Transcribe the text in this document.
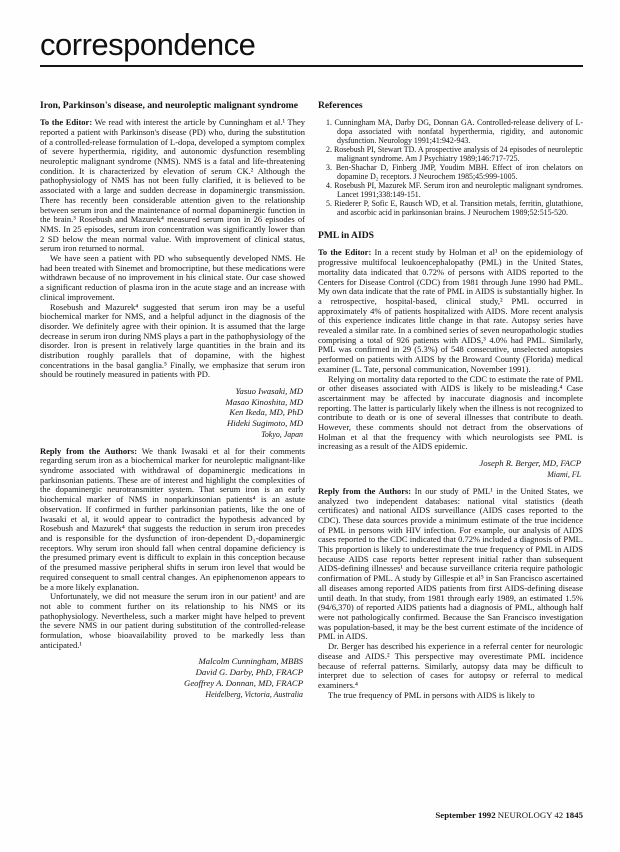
correspondence
Iron, Parkinson's disease, and neuroleptic malignant syndrome

To the Editor: We read with interest the article by Cunningham et al.¹ They reported a patient with Parkinson's disease (PD) who, during the substitution of a controlled-release formulation of L-dopa, developed a symptom complex of severe hyperthermia, rigidity, and autonomic dysfunction resembling neuroleptic malignant syndrome (NMS). NMS is a fatal and life-threatening condition. It is characterized by elevation of serum CK.² Although the pathophysiology of NMS has not been fully clarified, it is believed to be associated with a large and sudden decrease in dopaminergic transmission. There has recently been considerable attention given to the relationship between serum iron and the maintenance of normal dopaminergic function in the brain.³ Rosebush and Mazurek⁴ measured serum iron in 26 episodes of NMS. In 25 episodes, serum iron concentration was significantly lower than 2 SD below the mean normal value. With improvement of clinical status, serum iron returned to normal.

We have seen a patient with PD who subsequently developed NMS. He had been treated with Sinemet and bromocriptine, but these medications were withdrawn because of no improvement in his clinical state. Our case showed a significant reduction of plasma iron in the acute stage and an increase with clinical improvement.

Rosebush and Mazurek⁴ suggested that serum iron may be a useful biochemical marker for NMS, and a helpful adjunct in the diagnosis of the disorder. We definitely agree with their opinion. It is assumed that the large decrease in serum iron during NMS plays a part in the pathophysiology of the disorder. Iron is present in relatively large quantities in the brain and its distribution roughly parallels that of dopamine, with the highest concentrations in the basal ganglia.⁵ Finally, we emphasize that serum iron should be routinely measured in patients with PD.

Yasuo Iwasaki, MD
Masao Kinoshita, MD
Ken Ikeda, MD, PhD
Hideki Sugimoto, MD
Tokyo, Japan

Reply from the Authors: We thank Iwasaki et al for their comments regarding serum iron as a biochemical marker for neuroleptic malignant-like syndrome associated with withdrawal of dopaminergic medications in parkinsonian patients. These are of interest and highlight the complexities of the dopaminergic neurotransmitter system. That serum iron is an early biochemical marker of NMS in nonparkinsonian patients⁴ is an astute observation. If confirmed in further parkinsonian patients, like the one of Iwasaki et al, it would appear to contradict the hypothesis advanced by Rosebush and Mazurek⁴ that suggests the reduction in serum iron precedes and is responsible for the dysfunction of iron-dependent D₂-dopaminergic receptors. Why serum iron should fall when central dopamine deficiency is the presumed primary event is difficult to explain in this conception because of the presumed massive peripheral shifts in serum iron level that would be required consequent to small central changes. An epiphenomenon appears to be a more likely explanation.

Unfortunately, we did not measure the serum iron in our patient¹ and are not able to comment further on its relationship to his NMS or its pathophysiology. Nevertheless, such a marker might have helped to prevent the severe NMS in our patient during substitution of the controlled-release formulation, whose bioavailability proved to be markedly less than anticipated.¹

Malcolm Cunningham, MBBS
David G. Darby, PhD, FRACP
Geoffrey A. Donnan, MD, FRACP
Heidelberg, Victoria, Australia
References
1. Cunningham MA, Darby DG, Donnan GA. Controlled-release delivery of L-dopa associated with nonfatal hyperthermia, rigidity, and autonomic dysfunction. Neurology 1991;41:942-943.
2. Rosebush PI, Stewart TD. A prospective analysis of 24 episodes of neuroleptic malignant syndrome. Am J Psychiatry 1989;146:717-725.
3. Ben-Shachar D, Finberg JMP, Youdim MBH. Effect of iron chelators on dopamine D₂ receptors. J Neurochem 1985;45:999-1005.
4. Rosebush PI, Mazurek MF. Serum iron and neuroleptic malignant syndromes. Lancet 1991;338:149-151.
5. Riederer P, Sofic E, Rausch WD, et al. Transition metals, ferritin, glutathione, and ascorbic acid in parkinsonian brains. J Neurochem 1989;52:515-520.
PML in AIDS

To the Editor: In a recent study by Holman et al¹ on the epidemiology of progressive multifocal leukoencephalopathy (PML) in the United States, mortality data indicated that 0.72% of persons with AIDS reported to the Centers for Disease Control (CDC) from 1981 through June 1990 had PML. My own data indicate that the rate of PML in AIDS is substantially higher. In a retrospective, hospital-based, clinical study,² PML occurred in approximately 4% of patients hospitalized with AIDS. More recent analysis of this experience indicates little change in that rate. Autopsy series have revealed a similar rate. In a combined series of seven neuropathologic studies comprising a total of 926 patients with AIDS,³ 4.0% had PML. Similarly, PML was confirmed in 29 (5.3%) of 548 consecutive, unselected autopsies performed on patients with AIDS by the Broward County (Florida) medical examiner (L. Tate, personal communication, November 1991).

Relying on mortality data reported to the CDC to estimate the rate of PML or other diseases associated with AIDS is likely to be misleading.⁴ Case ascertainment may be affected by inaccurate diagnosis and incomplete reporting. The latter is particularly likely when the illness is not recognized to contribute to death or is one of several illnesses that contribute to death. However, these comments should not detract from the observations of Holman et al that the frequency with which neurologists see PML is increasing as a result of the AIDS epidemic.

Joseph R. Berger, MD, FACP
Miami, FL

Reply from the Authors: In our study of PML¹ in the United States, we analyzed two independent databases: national vital statistics (death certificates) and national AIDS surveillance (AIDS cases reported to the CDC). These data sources provide a minimum estimate of the true incidence of PML in persons with HIV infection. For example, our analysis of AIDS cases reported to the CDC indicated that 0.72% included a diagnosis of PML. This proportion is likely to underestimate the true frequency of PML in AIDS because AIDS case reports better represent initial rather than subsequent AIDS-defining illnesses¹ and because surveillance criteria require pathologic confirmation of PML. A study by Gillespie et al⁵ in San Francisco ascertained all diseases among reported AIDS patients from first AIDS-defining disease until death. In that study, from 1981 through early 1989, an estimated 1.5% (94/6,370) of reported AIDS patients had a diagnosis of PML, although half were not pathologically confirmed. Because the San Francisco investigation was population-based, it may be the best current estimate of the incidence of PML in AIDS.

Dr. Berger has described his experience in a referral center for neurologic disease and AIDS.² This perspective may overestimate PML incidence because of referral patterns. Similarly, autopsy data may be difficult to interpret due to selection of cases for autopsy or referral to medical examiners.⁴

The true frequency of PML in persons with AIDS is likely to

September 1992 NEUROLOGY 42 1845
